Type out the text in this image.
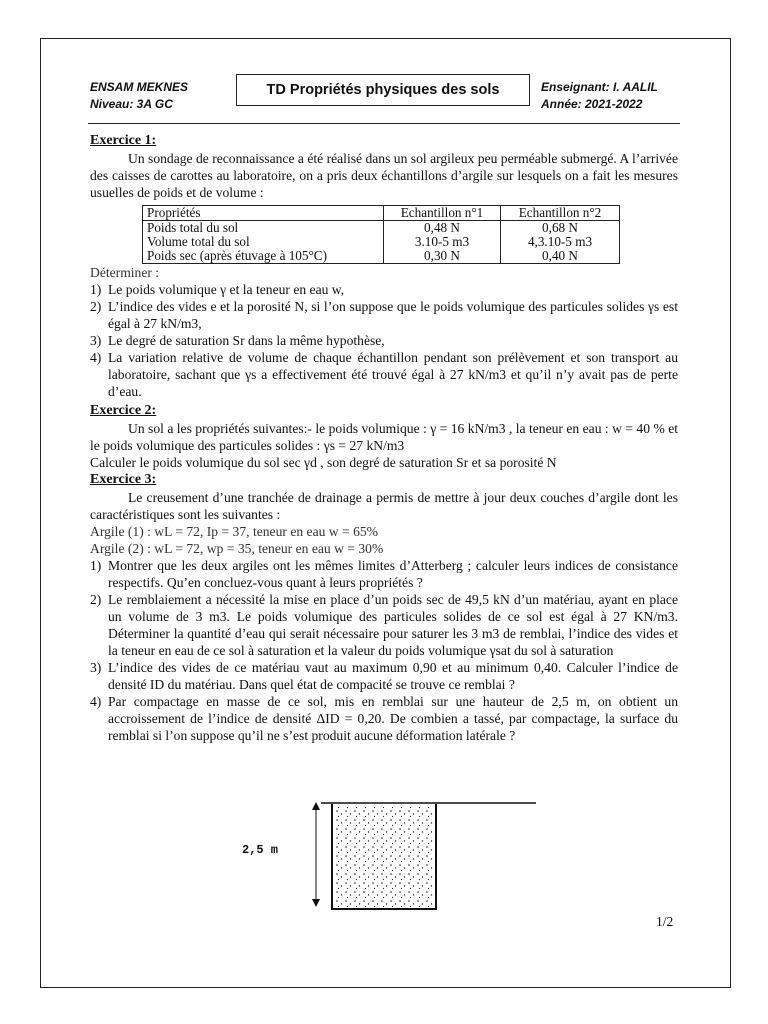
ENSAM MEKNES
Niveau: 3A GC
TD Propriétés physiques des sols	Enseignant: I. AALIL
Année: 2021-2022
Exercice 1:

Un sondage de reconnaissance a été réalisé dans un sol argileux peu perméable submergé. A l’arrivée des caisses de carottes au laboratoire, on a pris deux échantillons d’argile sur lesquels on a fait les mesures usuelles de poids et de volume :

Propriétés	Echantillon n°1	Echantillon n°2
Poids total du sol	0,48 N	0,68 N
Volume total du sol	3.10-5 m3	4,3.10-5 m3
Poids sec (après étuvage à 105°C)	0,30 N	0,40 N

Déterminer :

1) Le poids volumique γ et la teneur en eau w,
2) L’indice des vides e et la porosité N, si l’on suppose que le poids volumique des particules solides γs est égal à 27 kN/m3,
3) Le degré de saturation Sr dans la même hypothèse,
4) La variation relative de volume de chaque échantillon pendant son prélèvement et son transport au laboratoire, sachant que γs a effectivement été trouvé égal à 27 kN/m3 et qu’il n’y avait pas de perte d’eau.
Exercice 2:

Un sol a les propriétés suivantes:- le poids volumique : γ = 16 kN/m3 , la teneur en eau : w = 40 % et le poids volumique des particules solides : γs = 27 kN/m3

Calculer le poids volumique du sol sec γd , son degré de saturation Sr et sa porosité N

Exercice 3:

Le creusement d’une tranchée de drainage a permis de mettre à jour deux couches d’argile dont les caractéristiques sont les suivantes :

Argile (1) : wL = 72, Ip = 37, teneur en eau w = 65%

Argile (2) : wL = 72, wp = 35, teneur en eau w = 30%

1) Montrer que les deux argiles ont les mêmes limites d’Atterberg ; calculer leurs indices de consistance respectifs. Qu’en concluez-vous quant à leurs propriétés ?
2) Le remblaiement a nécessité la mise en place d’un poids sec de 49,5 kN d’un matériau, ayant en place un volume de 3 m3. Le poids volumique des particules solides de ce sol est égal à 27 KN/m3. Déterminer la quantité d’eau qui serait nécessaire pour saturer les 3 m3 de remblai, l’indice des vides et la teneur en eau de ce sol à saturation et la valeur du poids volumique γsat du sol à saturation
3) L’indice des vides de ce matériau vaut au maximum 0,90 et au minimum 0,40. Calculer l’indice de densité ID du matériau. Dans quel état de compacité se trouve ce remblai ?
4) Par compactage en masse de ce sol, mis en remblai sur une hauteur de 2,5 m, on obtient un accroissement de l’indice de densité ΔID = 0,20. De combien a tassé, par compactage, la surface du remblai si l’on suppose qu’il ne s’est produit aucune déformation latérale ?
2,5 m
1/2
